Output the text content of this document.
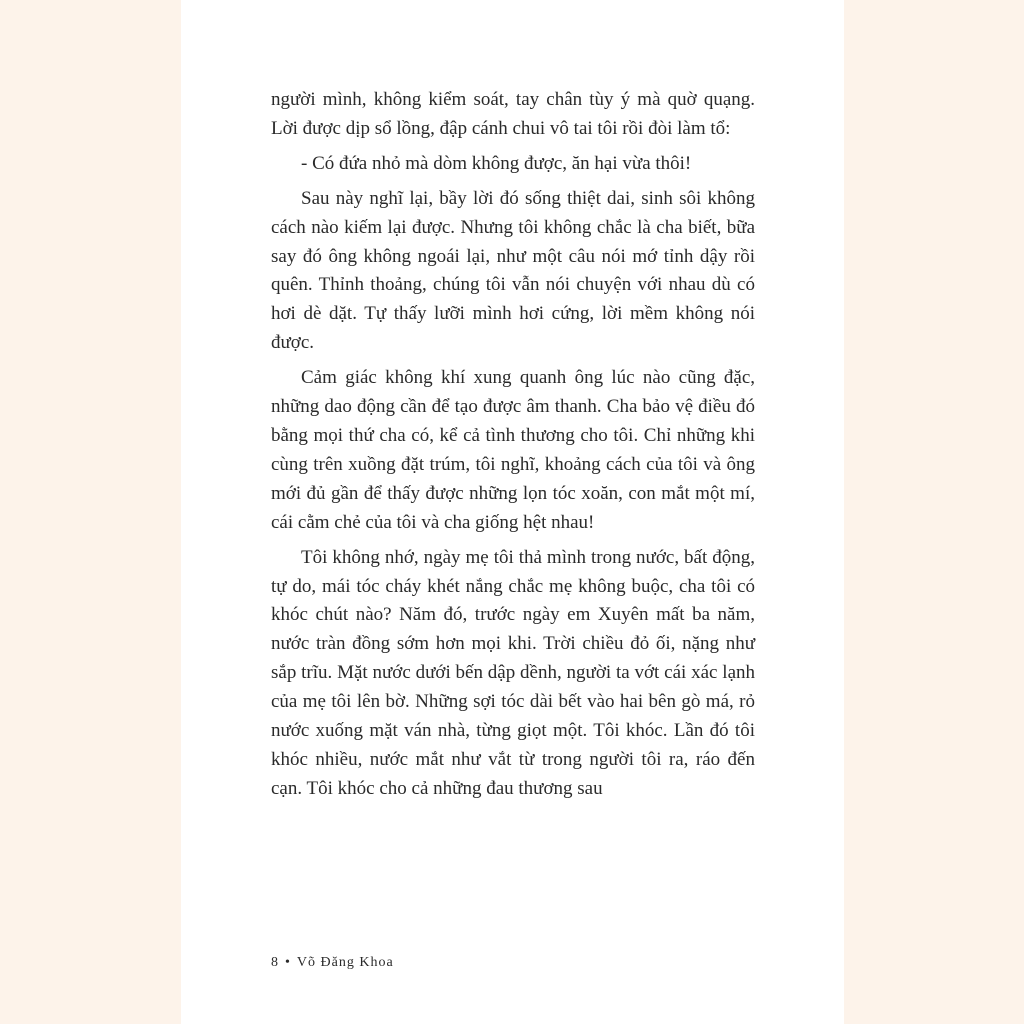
người mình, không kiểm soát, tay chân tùy ý mà quờ quạng. Lời được dịp sổ lồng, đập cánh chui vô tai tôi rồi đòi làm tổ:

- Có đứa nhỏ mà dòm không được, ăn hại vừa thôi!

Sau này nghĩ lại, bầy lời đó sống thiệt dai, sinh sôi không cách nào kiếm lại được. Nhưng tôi không chắc là cha biết, bữa say đó ông không ngoái lại, như một câu nói mớ tỉnh dậy rồi quên. Thỉnh thoảng, chúng tôi vẫn nói chuyện với nhau dù có hơi dè dặt. Tự thấy lưỡi mình hơi cứng, lời mềm không nói được.

Cảm giác không khí xung quanh ông lúc nào cũng đặc, những dao động cần để tạo được âm thanh. Cha bảo vệ điều đó bằng mọi thứ cha có, kể cả tình thương cho tôi. Chỉ những khi cùng trên xuồng đặt trúm, tôi nghĩ, khoảng cách của tôi và ông mới đủ gần để thấy được những lọn tóc xoăn, con mắt một mí, cái cằm chẻ của tôi và cha giống hệt nhau!

Tôi không nhớ, ngày mẹ tôi thả mình trong nước, bất động, tự do, mái tóc cháy khét nắng chắc mẹ không buộc, cha tôi có khóc chút nào? Năm đó, trước ngày em Xuyên mất ba năm, nước tràn đồng sớm hơn mọi khi. Trời chiều đỏ ối, nặng như sắp trĩu. Mặt nước dưới bến dập dềnh, người ta vớt cái xác lạnh của mẹ tôi lên bờ. Những sợi tóc dài bết vào hai bên gò má, rỏ nước xuống mặt ván nhà, từng giọt một. Tôi khóc. Lần đó tôi khóc nhiều, nước mắt như vắt từ trong người tôi ra, ráo đến cạn. Tôi khóc cho cả những đau thương sau

8 • Võ Đăng Khoa
